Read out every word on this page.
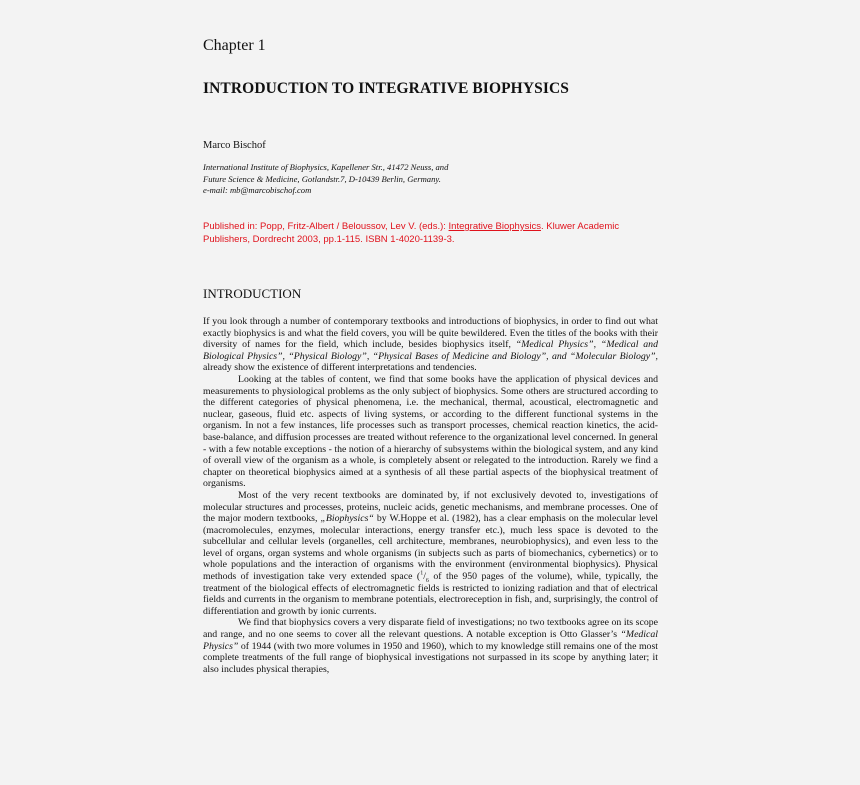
Chapter 1
INTRODUCTION TO INTEGRATIVE BIOPHYSICS
Marco Bischof
International Institute of Biophysics, Kapellener Str., 41472 Neuss, and
Future Science & Medicine, Gotlandstr.7, D-10439 Berlin, Germany.
e-mail: mb@marcobischof.com
Published in: Popp, Fritz-Albert / Beloussov, Lev V. (eds.): Integrative Biophysics. Kluwer Academic Publishers, Dordrecht 2003, pp.1-115. ISBN 1-4020-1139-3.
INTRODUCTION

If you look through a number of contemporary textbooks and introductions of biophysics, in order to find out what exactly biophysics is and what the field covers, you will be quite bewildered. Even the titles of the books with their diversity of names for the field, which include, besides biophysics itself, “Medical Physics”, “Medical and Biological Physics”, “Physical Biology”, “Physical Bases of Medicine and Biology”, and “Molecular Biology”, already show the existence of different interpretations and tendencies.

Looking at the tables of content, we find that some books have the application of physical devices and measurements to physiological problems as the only subject of biophysics. Some others are structured according to the different categories of physical phenomena, i.e. the mechanical, thermal, acoustical, electromagnetic and nuclear, gaseous, fluid etc. aspects of living systems, or according to the different functional systems in the organism. In not a few instances, life processes such as transport processes, chemical reaction kinetics, the acid-base-balance, and diffusion processes are treated without reference to the organizational level concerned. In general - with a few notable exceptions - the notion of a hierarchy of subsystems within the biological system, and any kind of overall view of the organism as a whole, is completely absent or relegated to the introduction. Rarely we find a chapter on theoretical biophysics aimed at a synthesis of all these partial aspects of the biophysical treatment of organisms.

Most of the very recent textbooks are dominated by, if not exclusively devoted to, investigations of molecular structures and processes, proteins, nucleic acids, genetic mechanisms, and membrane processes. One of the major modern textbooks, „Biophysics“ by W.Hoppe et al. (1982), has a clear emphasis on the molecular level (macromolecules, enzymes, molecular interactions, energy transfer etc.), much less space is devoted to the subcellular and cellular levels (organelles, cell architecture, membranes, neurobiophysics), and even less to the level of organs, organ systems and whole organisms (in subjects such as parts of biomechanics, cybernetics) or to whole populations and the interaction of organisms with the environment (environmental biophysics). Physical methods of investigation take very extended space ($^1/_6$ of the 950 pages of the volume), while, typically, the treatment of the biological effects of electromagnetic fields is restricted to ionizing radiation and that of electrical fields and currents in the organism to membrane potentials, electroreception in fish, and, surprisingly, the control of differentiation and growth by ionic currents.

We find that biophysics covers a very disparate field of investigations; no two textbooks agree on its scope and range, and no one seems to cover all the relevant questions. A notable exception is Otto Glasser’s “Medical Physics” of 1944 (with two more volumes in 1950 and 1960), which to my knowledge still remains one of the most complete treatments of the full range of biophysical investigations not surpassed in its scope by anything later; it also includes physical therapies,
